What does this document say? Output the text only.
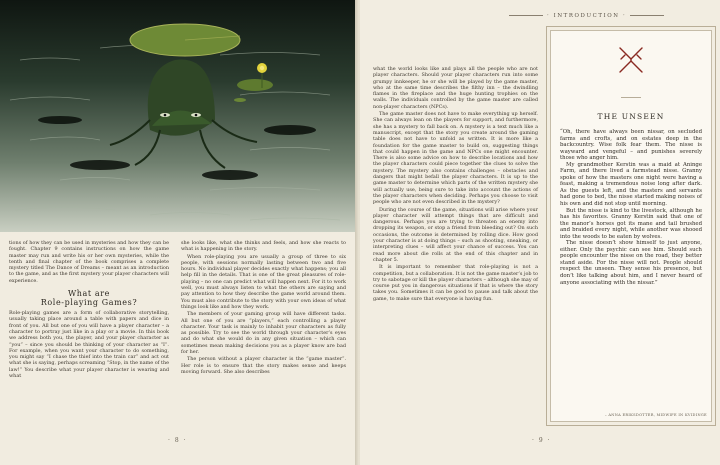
tions of how they can be used in mysteries and how they can be fought. Chapter 9 contains instructions on how the game master may run and write his or her own mysteries, while the tenth and final chapter of the book comprises a complete mystery titled The Dance of Dreams – meant as an introduction to the game, and as the first mystery your player characters will experience.

What are
Role-playing Games?

Role-playing games are a form of collaborative storytelling, usually taking place around a table with papers and dice in front of you. All but one of you will have a player character – a character to portray just like in a play or a movie. In this book we address both you, the player, and your player character as “you” – since you should be thinking of your character as “I”. For example, when you want your character to do something, you might say “I chase the thief into the train car” and act out what she is saying, perhaps screaming “Stop, in the name of the law!” You describe what your player character is wearing and what

she looks like, what she thinks and feels, and how she reacts to what is happening in the story.

When role-playing you are usually a group of three to six people, with sessions normally lasting between two and five hours. No individual player decides exactly what happens; you all help fill in the details. That is one of the great pleasures of role-playing – no one can predict what will happen next. For it to work well, you must always listen to what the others are saying and pay attention to how they describe the game world around them. You must also contribute to the story with your own ideas of what things look like and how they work.

The members of your gaming group will have different tasks. All but one of you are “players,” each controlling a player character. Your task is mainly to inhabit your characters as fully as possible. Try to see the world through your character’s eyes and do what she would do in any given situation – which can sometimes mean making decisions you as a player know are bad for her.

The person without a player character is the “game master”. Her role is to ensure that the story makes sense and keeps moving forward. She also describes

· 8 ·
· INTRODUCTION ·

what the world looks like and plays all the people who are not player characters. Should your player characters run into some grumpy innkeeper, he or she will be played by the game master, who at the same time describes the filthy inn – the dwindling flames in the fireplace and the huge hunting trophies on the walls. The individuals controlled by the game master are called non-player characters (NPCs).

The game master does not have to make everything up herself. She can always lean on the players for support, and furthermore, she has a mystery to fall back on. A mystery is a text much like a manuscript, except that the story you create around the gaming table does not have to unfold as written. It is more like a foundation for the game master to build on, suggesting things that could happen in the game and NPCs one might encounter. There is also some advice on how to describe locations and how the player characters could piece together the clues to solve the mystery. The mystery also contains challenges – obstacles and dangers that might befall the player characters. It is up to the game master to determine which parts of the written mystery she will actually use, being sure to take into account the actions of the player characters when deciding. Perhaps you choose to visit people who are not even described in the mystery?

During the course of the game, situations will arise where your player character will attempt things that are difficult and dangerous. Perhaps you are trying to threaten an enemy into dropping its weapon, or stop a friend from bleeding out? On such occasions, the outcome is determined by rolling dice. How good your character is at doing things – such as shooting, sneaking, or interpreting clues – will affect your chance of success. You can read more about die rolls at the end of this chapter and in chapter 5.

It is important to remember that role-playing is not a competition, but a collaboration. It is not the game master’s job to try to sabotage or kill the player characters – although she may of course put you in dangerous situations if that is where the story takes you. Sometimes it can be good to pause and talk about the game, to make sure that everyone is having fun.

THE UNSEEN

“Oh, there have always been nissar, on secluded farms and crofts, and on estates deep in the backcountry. Wise folk fear them. The nisse is wayward and vengeful – and punishes severely those who anger him.

My grandmother Kerstin was a maid at Aninge Farm, and there lived a farmstead nisse. Granny spoke of how the masters one night were having a feast, making a tremendous noise long after dark. As the guests left, and the masters and servants had gone to bed, the nisse started making noises of his own and did not stop until morning.

But the nisse is kind to the livestock, although he has his favorites. Granny Kerstin said that one of the manor’s horses got its mane and tail brushed and braided every night, while another was shooed into the woods to be eaten by wolves.

The nisse doesn’t show himself to just anyone, either. Only the psychic can see him. Should such people encounter the nisse on the road, they better stand aside. For the nisse will not. People should respect the unseen. They sense his presence, but don’t like talking about him, and I never heard of anyone associating with the nissar.”

– ANNA ERIKSDOTTER, MIDWIFE IN KVIDINGE
· 9 ·
